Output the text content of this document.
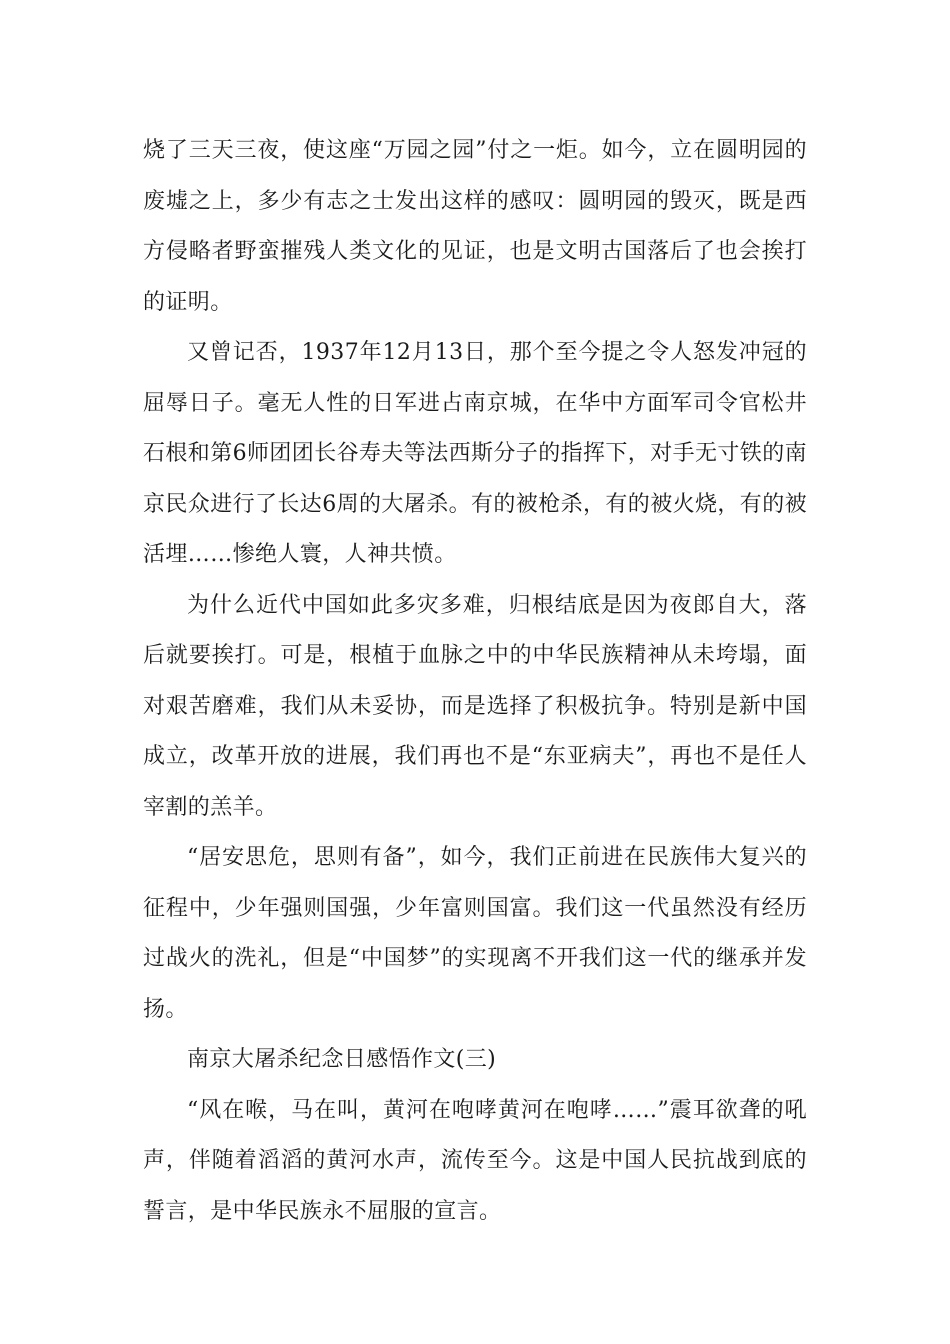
烧了三天三夜，使这座“万园之园”付之一炬。如今，立在圆明园的废墟之上，多少有志之士发出这样的感叹：圆明园的毁灭，既是西方侵略者野蛮摧残人类文化的见证，也是文明古国落后了也会挨打的证明。

又曾记否，1937年12月13日，那个至今提之令人怒发冲冠的屈辱日子。毫无人性的日军进占南京城，在华中方面军司令官松井石根和第6师团团长谷寿夫等法西斯分子的指挥下，对手无寸铁的南京民众进行了长达6周的大屠杀。有的被枪杀，有的被火烧，有的被活埋……惨绝人寰，人神共愤。

为什么近代中国如此多灾多难，归根结底是因为夜郎自大，落后就要挨打。可是，根植于血脉之中的中华民族精神从未垮塌，面对艰苦磨难，我们从未妥协，而是选择了积极抗争。特别是新中国成立，改革开放的进展，我们再也不是“东亚病夫”，再也不是任人宰割的羔羊。

“居安思危，思则有备”，如今，我们正前进在民族伟大复兴的征程中，少年强则国强，少年富则国富。我们这一代虽然没有经历过战火的洗礼，但是“中国梦”的实现离不开我们这一代的继承并发扬。

南京大屠杀纪念日感悟作文(三)

“风在喉，马在叫，黄河在咆哮黄河在咆哮……”震耳欲聋的吼声，伴随着滔滔的黄河水声，流传至今。这是中国人民抗战到底的誓言，是中华民族永不屈服的宣言。
